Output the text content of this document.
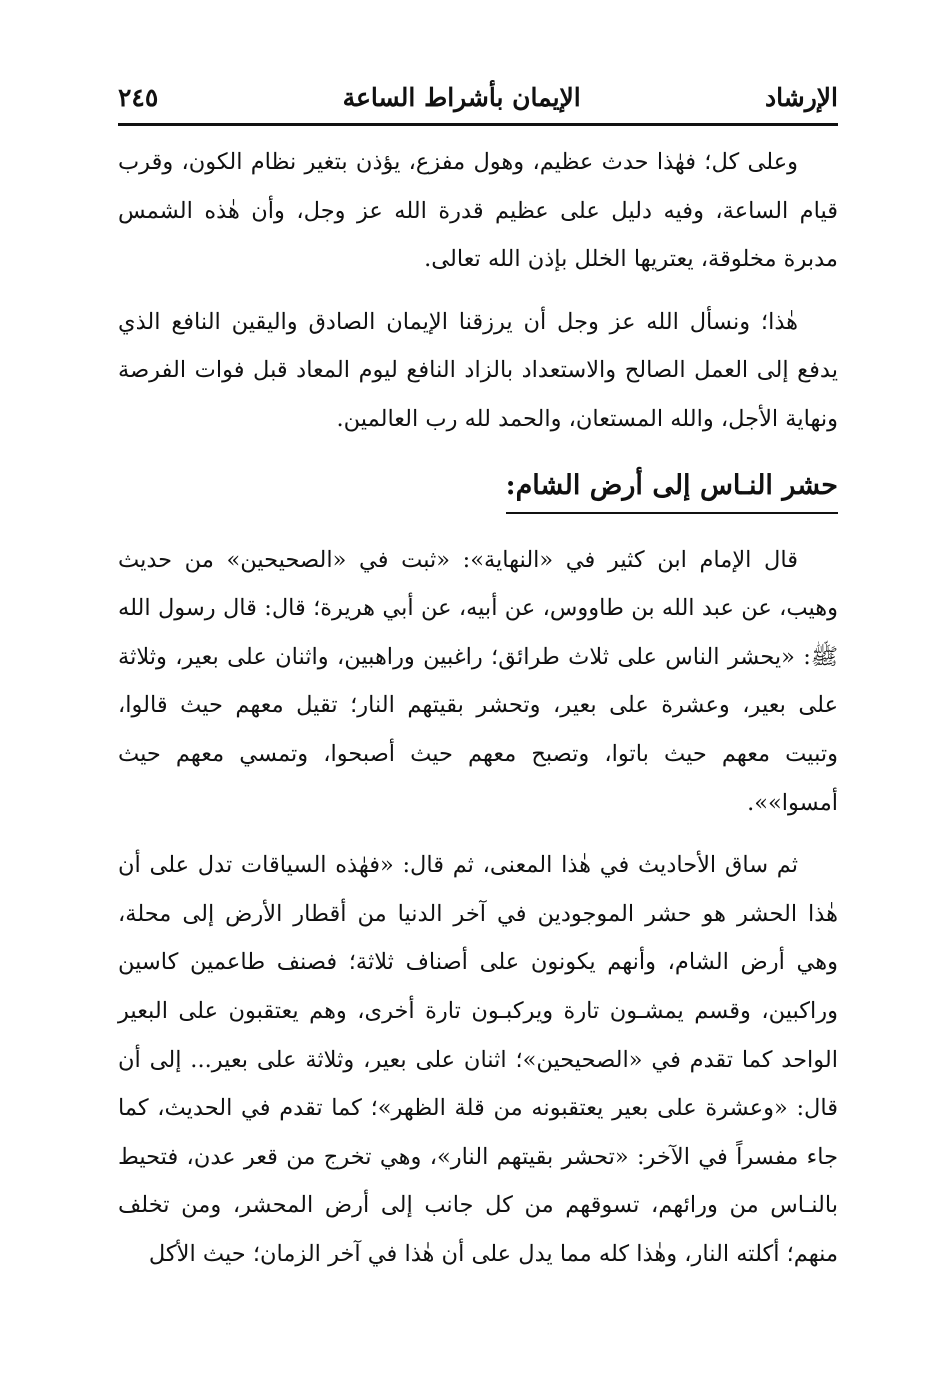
الإرشاد
الإيمان بأشراط الساعة
٢٤٥

وعلى كل؛ فهٰذا حدث عظيم، وهول مفزع، يؤذن بتغير نظام الكون، وقرب قيام الساعة، وفيه دليل على عظيم قدرة الله عز وجل، وأن هٰذه الشمس مدبرة مخلوقة، يعتريها الخلل بإذن الله تعالى.

هٰذا؛ ونسأل الله عز وجل أن يرزقنا الإيمان الصادق واليقين النافع الذي يدفع إلى العمل الصالح والاستعداد بالزاد النافع ليوم المعاد قبل فوات الفرصة ونهاية الأجل، والله المستعان، والحمد لله رب العالمين.

حشر النـاس إلى أرض الشام:

قال الإمام ابن كثير في «النهاية»: «ثبت في «الصحيحين» من حديث وهيب، عن عبد الله بن طاووس، عن أبيه، عن أبي هريرة؛ قال: قال رسول الله ﷺ: «يحشر الناس على ثلاث طرائق؛ راغبين وراهبين، واثنان على بعير، وثلاثة على بعير، وعشرة على بعير، وتحشر بقيتهم النار؛ تقيل معهم حيث قالوا، وتبيت معهم حيث باتوا، وتصبح معهم حيث أصبحوا، وتمسي معهم حيث أمسوا»».

ثم ساق الأحاديث في هٰذا المعنى، ثم قال: «فهٰذه السياقات تدل على أن هٰذا الحشر هو حشر الموجودين في آخر الدنيا من أقطار الأرض إلى محلة، وهي أرض الشام، وأنهم يكونون على أصناف ثلاثة؛ فصنف طاعمين كاسين وراكبين، وقسم يمشـون تارة ويركبـون تارة أخرى، وهم يعتقبون على البعير الواحد كما تقدم في «الصحيحين»؛ اثنان على بعير، وثلاثة على بعير... إلى أن قال: «وعشرة على بعير يعتقبونه من قلة الظهر»؛ كما تقدم في الحديث، كما جاء مفسراً في الآخر: «تحشر بقيتهم النار»، وهي تخرج من قعر عدن، فتحيط بالنـاس من ورائهم، تسوقهم من كل جانب إلى أرض المحشر، ومن تخلف منهم؛ أكلته النار، وهٰذا كله مما يدل على أن هٰذا في آخر الزمان؛ حيث الأكل
